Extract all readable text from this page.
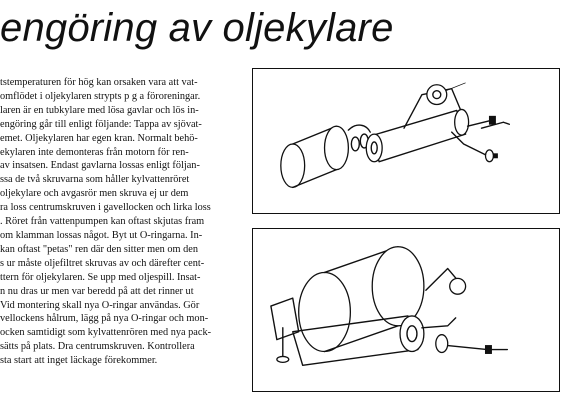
engöring av oljekylare
tstemperaturen för hög kan orsaken vara att vat-
omflödet i oljekylaren strypts p g a föroreningar.
laren är en tubkylare med lösa gavlar och lös in-
engöring går till enligt följande: Tappa av sjövat-
emet. Oljekylaren har egen kran. Normalt behö-
ekylaren inte demonteras från motorn för ren-
av insatsen. Endast gavlarna lossas enligt följan-
ssa de två skruvarna som håller kylvattenröret
oljekylare och avgasrör men skruva ej ur dem
ra loss centrumskruven i gavellocken och lirka loss
. Röret från vattenpumpen kan oftast skjutas fram
om klamman lossas något. Byt ut O-ringarna. In-
kan oftast "petas" ren där den sitter men om den
s ur måste oljefiltret skruvas av och därefter cent-
ttern för oljekylaren. Se upp med oljespill. Insat-
n nu dras ur men var beredd på att det rinner ut
Vid montering skall nya O-ringar användas. Gör
vellockens hålrum, lägg på nya O-ringar och mon-
ocken samtidigt som kylvattenrören med nya pack-
sätts på plats. Dra centrumskruven. Kontrollera
sta start att inget läckage förekommer.
